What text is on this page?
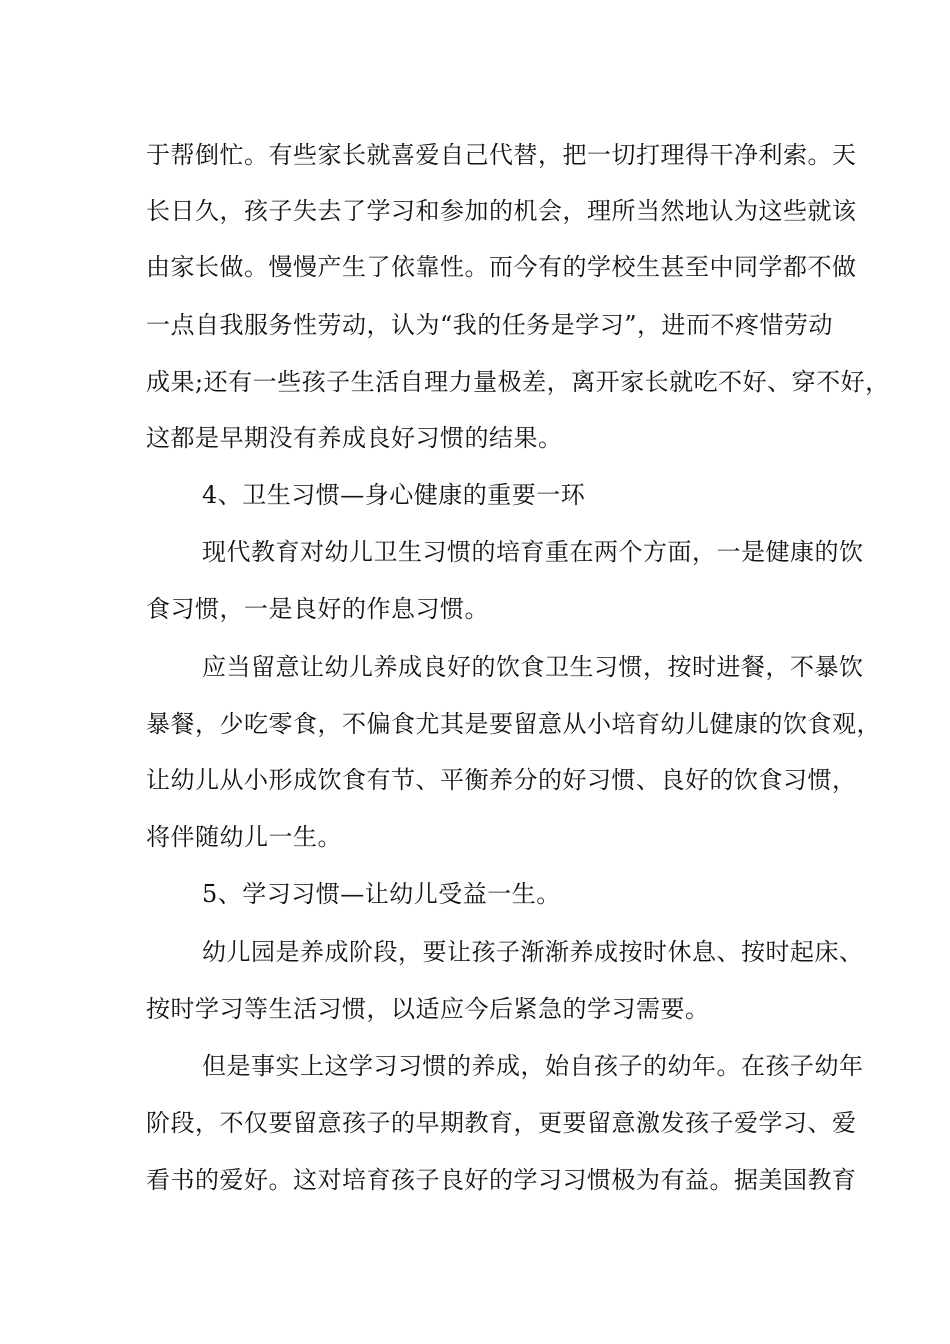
于帮倒忙。有些家长就喜爱自己代替，把一切打理得干净利索。天
长日久，孩子失去了学习和参加的机会，理所当然地认为这些就该
由家长做。慢慢产生了依靠性。而今有的学校生甚至中同学都不做
一点自我服务性劳动，认为“我的任务是学习”，进而不疼惜劳动
成果;还有一些孩子生活自理力量极差，离开家长就吃不好、穿不好，
这都是早期没有养成良好习惯的结果。
4、卫生习惯—身心健康的重要一环
现代教育对幼儿卫生习惯的培育重在两个方面，一是健康的饮
食习惯，一是良好的作息习惯。
应当留意让幼儿养成良好的饮食卫生习惯，按时进餐，不暴饮
暴餐，少吃零食，不偏食尤其是要留意从小培育幼儿健康的饮食观，
让幼儿从小形成饮食有节、平衡养分的好习惯、良好的饮食习惯，
将伴随幼儿一生。
5、学习习惯—让幼儿受益一生。
幼儿园是养成阶段，要让孩子渐渐养成按时休息、按时起床、
按时学习等生活习惯，以适应今后紧急的学习需要。
但是事实上这学习习惯的养成，始自孩子的幼年。在孩子幼年
阶段，不仅要留意孩子的早期教育，更要留意激发孩子爱学习、爱
看书的爱好。这对培育孩子良好的学习习惯极为有益。据美国教育
